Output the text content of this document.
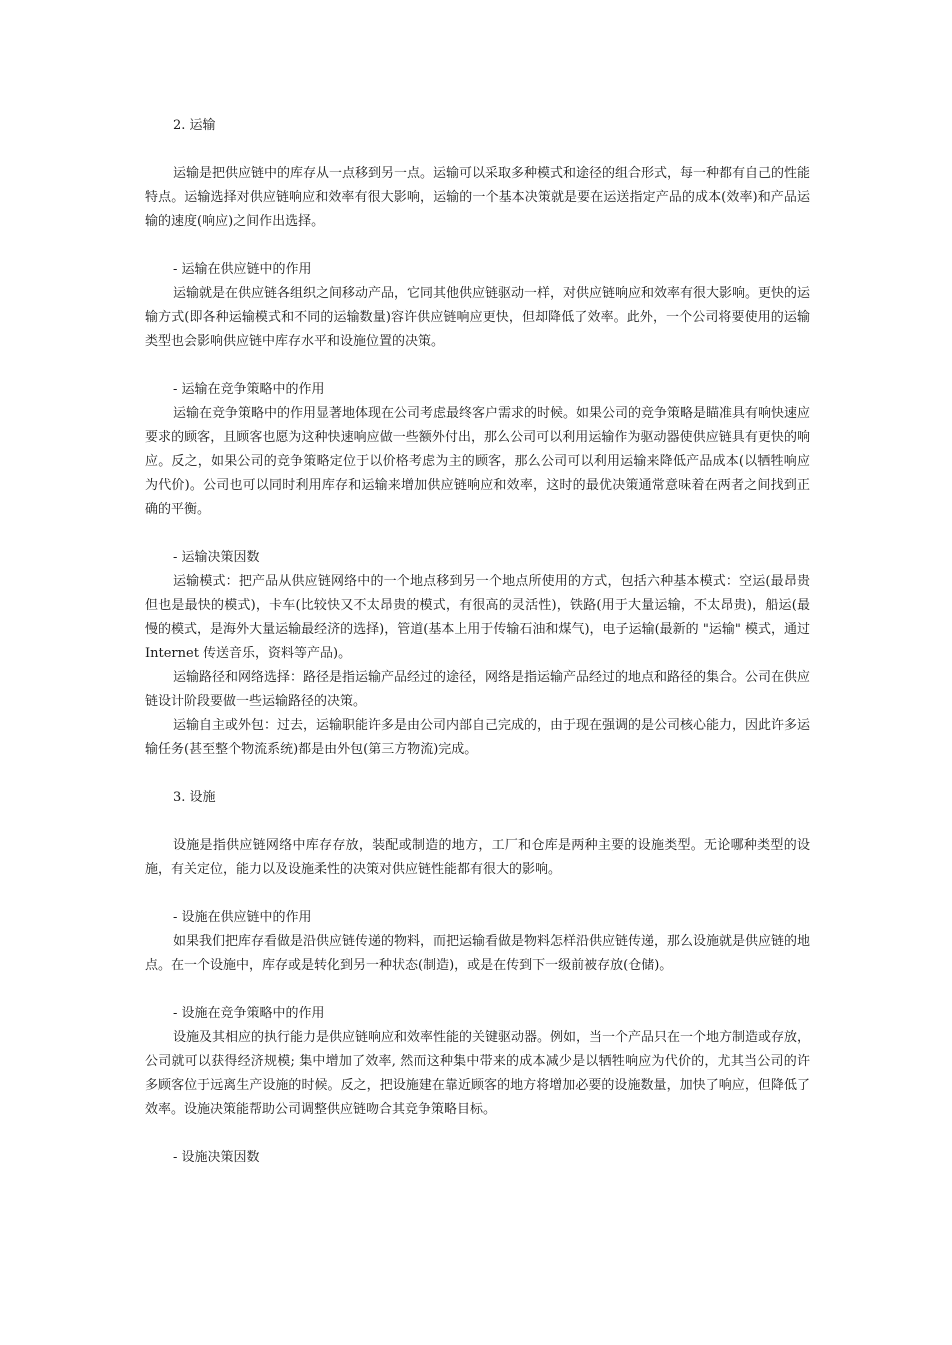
2. 运输

运输是把供应链中的库存从一点移到另一点。运输可以采取多种模式和途径的组合形式，每一种都有自己的性能特点。运输选择对供应链响应和效率有很大影响，运输的一个基本决策就是要在运送指定产品的成本(效率)和产品运输的速度(响应)之间作出选择。

- 运输在供应链中的作用

运输就是在供应链各组织之间移动产品，它同其他供应链驱动一样，对供应链响应和效率有很大影响。更快的运输方式(即各种运输模式和不同的运输数量)容许供应链响应更快，但却降低了效率。此外，一个公司将要使用的运输类型也会影响供应链中库存水平和设施位置的决策。

- 运输在竞争策略中的作用

运输在竞争策略中的作用显著地体现在公司考虑最终客户需求的时候。如果公司的竞争策略是瞄准具有响快速应要求的顾客，且顾客也愿为这种快速响应做一些额外付出，那么公司可以利用运输作为驱动器使供应链具有更快的响应。反之，如果公司的竞争策略定位于以价格考虑为主的顾客，那么公司可以利用运输来降低产品成本(以牺牲响应为代价)。公司也可以同时利用库存和运输来增加供应链响应和效率，这时的最优决策通常意味着在两者之间找到正确的平衡。

- 运输决策因数

运输模式：把产品从供应链网络中的一个地点移到另一个地点所使用的方式，包括六种基本模式：空运(最昂贵但也是最快的模式)，卡车(比较快又不太昂贵的模式，有很高的灵活性)，铁路(用于大量运输，不太昂贵)，船运(最慢的模式，是海外大量运输最经济的选择)，管道(基本上用于传输石油和煤气)，电子运输(最新的 "运输" 模式，通过 Internet 传送音乐，资料等产品)。

运输路径和网络选择：路径是指运输产品经过的途径，网络是指运输产品经过的地点和路径的集合。公司在供应链设计阶段要做一些运输路径的决策。

运输自主或外包：过去，运输职能许多是由公司内部自己完成的，由于现在强调的是公司核心能力，因此许多运输任务(甚至整个物流系统)都是由外包(第三方物流)完成。

3. 设施

设施是指供应链网络中库存存放，装配或制造的地方，工厂和仓库是两种主要的设施类型。无论哪种类型的设施，有关定位，能力以及设施柔性的决策对供应链性能都有很大的影响。

- 设施在供应链中的作用

如果我们把库存看做是沿供应链传递的物料，而把运输看做是物料怎样沿供应链传递，那么设施就是供应链的地点。在一个设施中，库存或是转化到另一种状态(制造)，或是在传到下一级前被存放(仓储)。

- 设施在竞争策略中的作用

设施及其相应的执行能力是供应链响应和效率性能的关键驱动器。例如，当一个产品只在一个地方制造或存放，公司就可以获得经济规模; 集中增加了效率, 然而这种集中带来的成本减少是以牺牲响应为代价的，尤其当公司的许多顾客位于远离生产设施的时候。反之，把设施建在靠近顾客的地方将增加必要的设施数量，加快了响应，但降低了效率。设施决策能帮助公司调整供应链吻合其竞争策略目标。

- 设施决策因数
